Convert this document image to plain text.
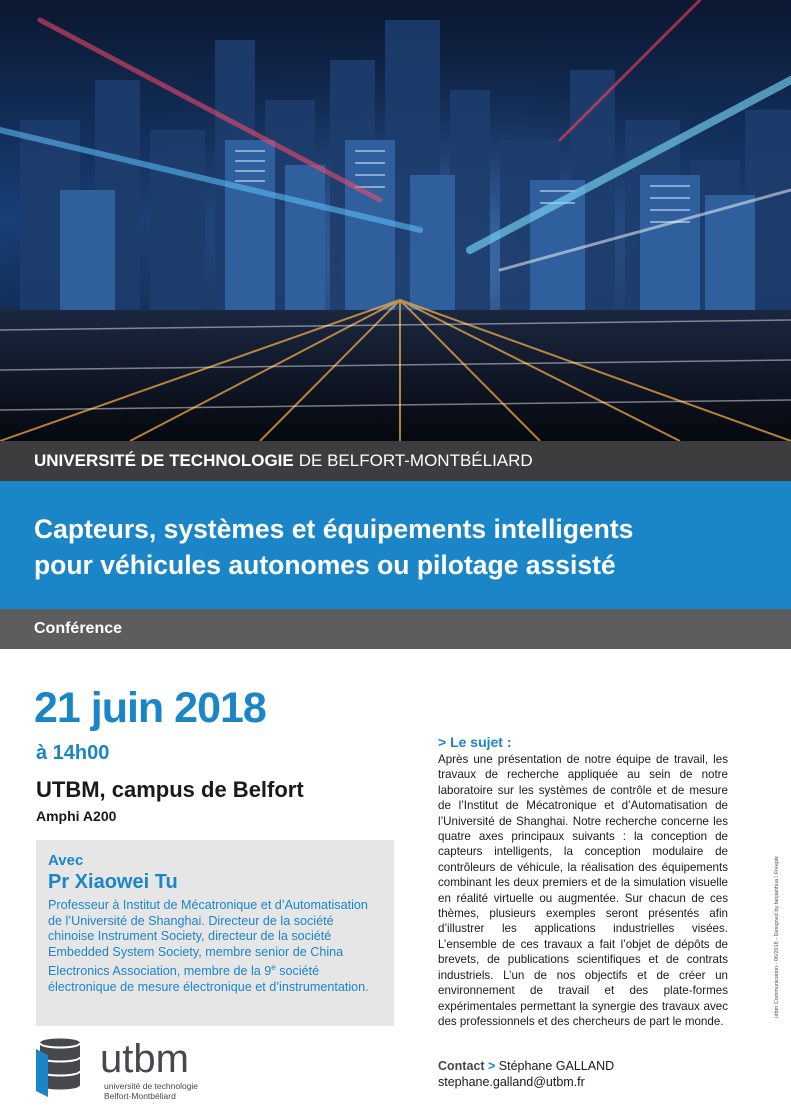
UNIVERSITÉ DE TECHNOLOGIE DE BELFORT-MONTBÉLIARD
Capteurs, systèmes et équipements intelligents
pour véhicules autonomes ou pilotage assisté
Conférence
21 juin 2018
à 14h00
UTBM, campus de Belfort
Amphi A200
Avec
Pr Xiaowei Tu

Professeur à Institut de Mécatronique et d’Automatisation de l’Université de Shanghai. Directeur de la société chinoise Instrument Society, directeur de la société Embedded System Society, membre senior de China Electronics Association, membre de la 9e société électronique de mesure électronique et d’instrumentation.

utbm
université de technologie
Belfort-Montbéliard
> Le sujet :

Après une présentation de notre équipe de travail, les travaux de recherche appliquée au sein de notre laboratoire sur les systèmes de contrôle et de mesure de l’Institut de Mécatronique et d’Automatisation de l’Université de Shanghai. Notre recherche concerne les quatre axes principaux suivants : la conception de capteurs intelligents, la conception modulaire de contrôleurs de véhicule, la réalisation des équipements combinant les deux premiers et de la simulation visuelle en réalité virtuelle ou augmentée. Sur chacun de ces thèmes, plusieurs exemples seront présentés afin d’illustrer les applications industrielles visées. L’ensemble de ces travaux a fait l’objet de dépôts de brevets, de publications scientifiques et de contrats industriels. L’un de nos objectifs et de créer un environnement de travail et des plate-formes expérimentales permettant la synergie des travaux avec des professionnels et des chercheurs de part le monde.

Contact > Stéphane GALLAND
stephane.galland@utbm.fr
utbm Communication - 06/2018 - Designed by fanjianhua / Freepik
